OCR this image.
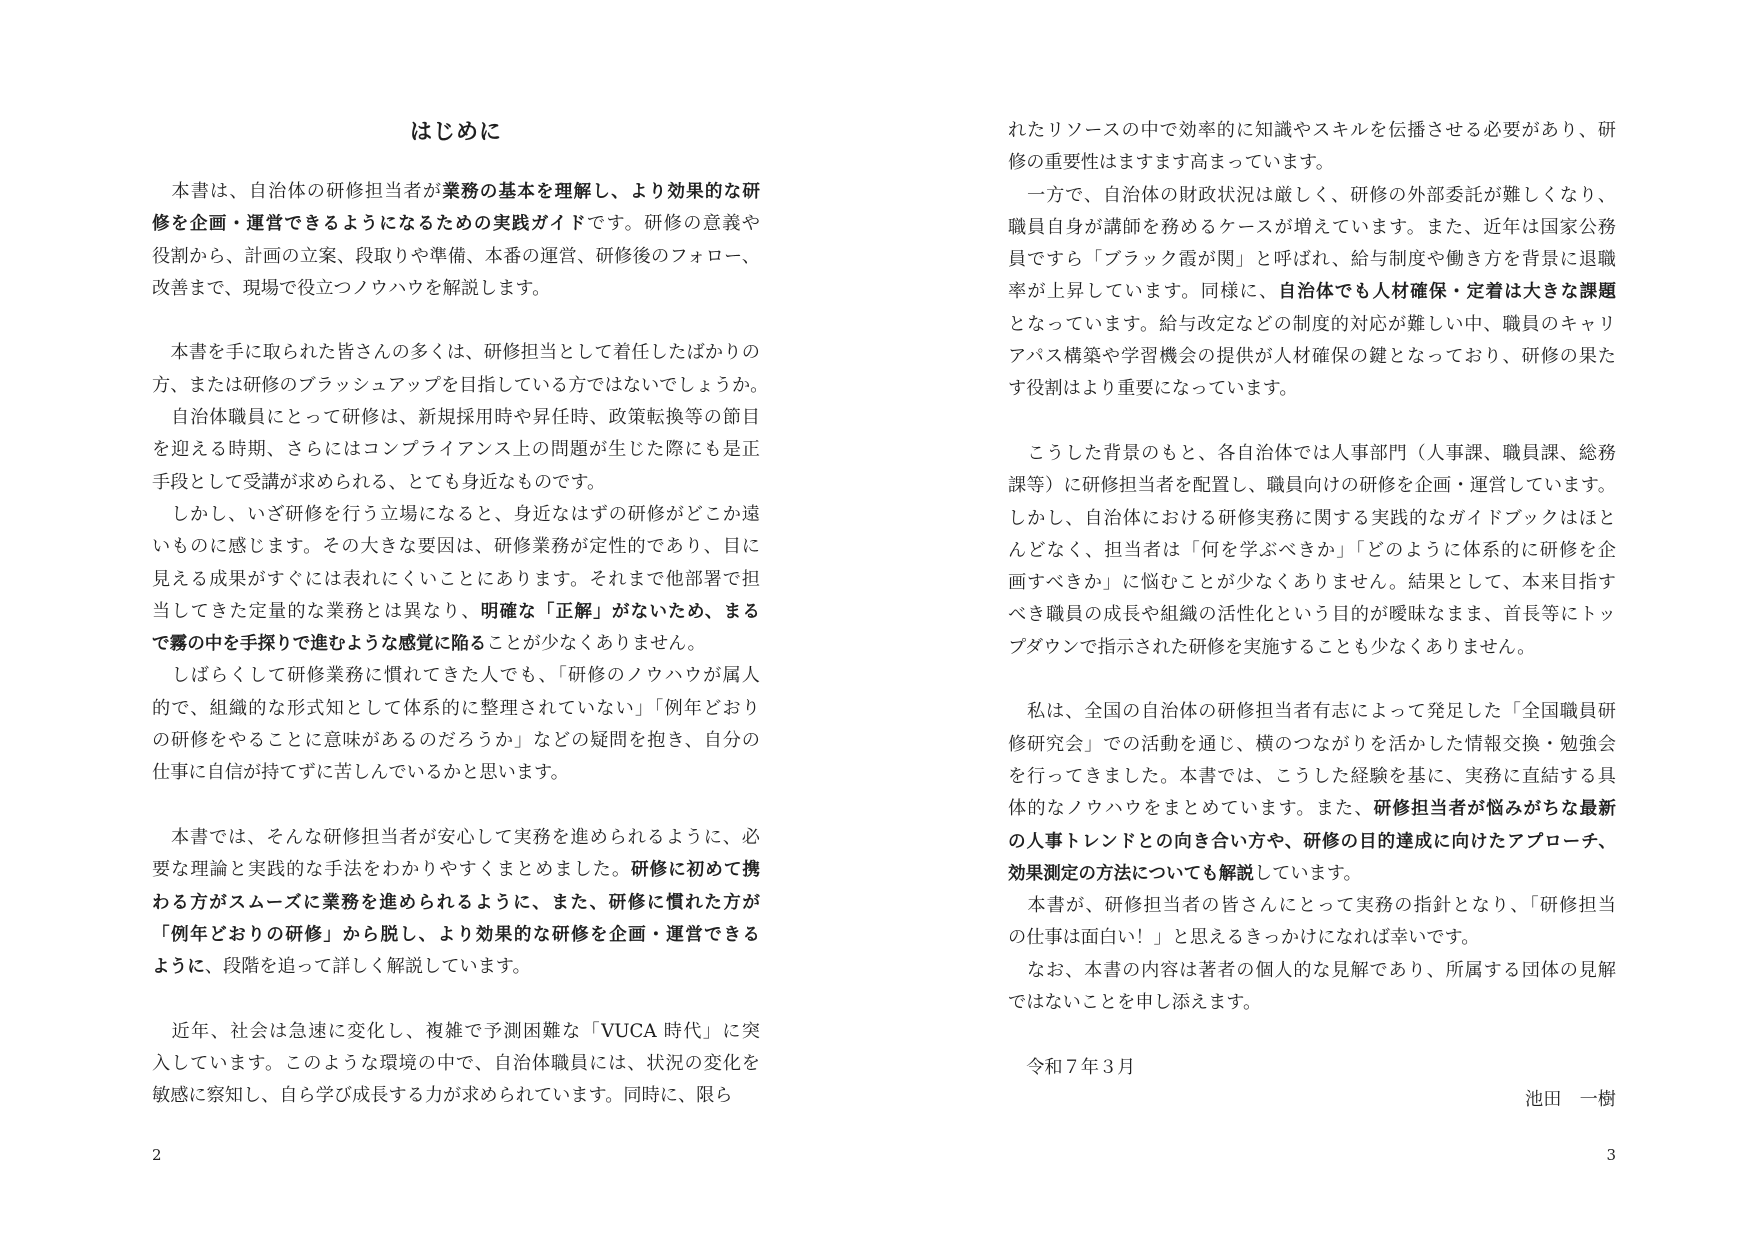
はじめに
　本書は、自治体の研修担当者が業務の基本を理解し、より効果的な研
修を企画・運営できるようになるための実践ガイドです。研修の意義や
役割から、計画の立案、段取りや準備、本番の運営、研修後のフォロー、
改善まで、現場で役立つノウハウを解説します。
　本書を手に取られた皆さんの多くは、研修担当として着任したばかりの
方、または研修のブラッシュアップを目指している方ではないでしょうか。
　自治体職員にとって研修は、新規採用時や昇任時、政策転換等の節目
を迎える時期、さらにはコンプライアンス上の問題が生じた際にも是正
手段として受講が求められる、とても身近なものです。
　しかし、いざ研修を行う立場になると、身近なはずの研修がどこか遠
いものに感じます。その大きな要因は、研修業務が定性的であり、目に
見える成果がすぐには表れにくいことにあります。それまで他部署で担
当してきた定量的な業務とは異なり、明確な「正解」がないため、まる
で霧の中を手探りで進むような感覚に陥ることが少なくありません。
　しばらくして研修業務に慣れてきた人でも、「研修のノウハウが属人
的で、組織的な形式知として体系的に整理されていない」「例年どおり
の研修をやることに意味があるのだろうか」などの疑問を抱き、自分の
仕事に自信が持てずに苦しんでいるかと思います。
　本書では、そんな研修担当者が安心して実務を進められるように、必
要な理論と実践的な手法をわかりやすくまとめました。研修に初めて携
わる方がスムーズに業務を進められるように、また、研修に慣れた方が
「例年どおりの研修」から脱し、より効果的な研修を企画・運営できる
ように、段階を追って詳しく解説しています。
　近年、社会は急速に変化し、複雑で予測困難な「VUCA 時代」に突
入しています。このような環境の中で、自治体職員には、状況の変化を
敏感に察知し、自ら学び成長する力が求められています。同時に、限ら

2

れたリソースの中で効率的に知識やスキルを伝播させる必要があり、研
修の重要性はますます高まっています。
　一方で、自治体の財政状況は厳しく、研修の外部委託が難しくなり、
職員自身が講師を務めるケースが増えています。また、近年は国家公務
員ですら「ブラック霞が関」と呼ばれ、給与制度や働き方を背景に退職
率が上昇しています。同様に、自治体でも人材確保・定着は大きな課題
となっています。給与改定などの制度的対応が難しい中、職員のキャリ
アパス構築や学習機会の提供が人材確保の鍵となっており、研修の果た
す役割はより重要になっています。
　こうした背景のもと、各自治体では人事部門（人事課、職員課、総務
課等）に研修担当者を配置し、職員向けの研修を企画・運営しています。
しかし、自治体における研修実務に関する実践的なガイドブックはほと
んどなく、担当者は「何を学ぶべきか」「どのように体系的に研修を企
画すべきか」に悩むことが少なくありません。結果として、本来目指す
べき職員の成長や組織の活性化という目的が曖昧なまま、首長等にトッ
プダウンで指示された研修を実施することも少なくありません。
　私は、全国の自治体の研修担当者有志によって発足した「全国職員研
修研究会」での活動を通じ、横のつながりを活かした情報交換・勉強会
を行ってきました。本書では、こうした経験を基に、実務に直結する具
体的なノウハウをまとめています。また、研修担当者が悩みがちな最新
の人事トレンドとの向き合い方や、研修の目的達成に向けたアプローチ、
効果測定の方法についても解説しています。
　本書が、研修担当者の皆さんにとって実務の指針となり、「研修担当
の仕事は面白い！」と思えるきっかけになれば幸いです。
　なお、本書の内容は著者の個人的な見解であり、所属する団体の見解
ではないことを申し添えます。
　令和７年３月
池田　一樹

3
